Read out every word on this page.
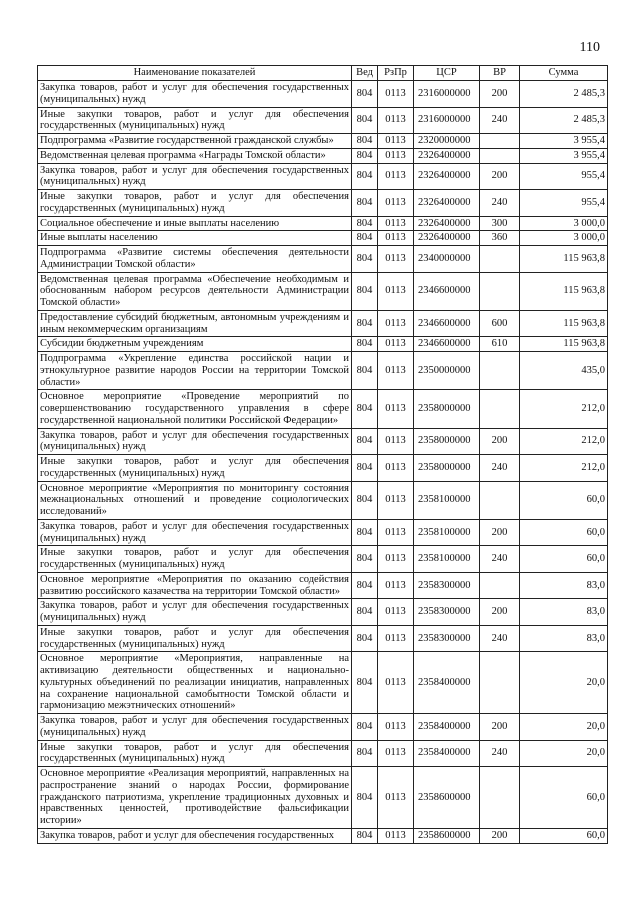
110
Наименование показателей	Вед	РзПр	ЦСР	ВР	Сумма
Закупка товаров, работ и услуг для обеспечения государственных (муниципальных) нужд	804	0113	2316000000	200	2 485,3
Иные закупки товаров, работ и услуг для обеспечения государственных (муниципальных) нужд	804	0113	2316000000	240	2 485,3
Подпрограмма «Развитие государственной гражданской службы»	804	0113	2320000000		3 955,4
Ведомственная целевая программа «Награды Томской области»	804	0113	2326400000		3 955,4
Закупка товаров, работ и услуг для обеспечения государственных (муниципальных) нужд	804	0113	2326400000	200	955,4
Иные закупки товаров, работ и услуг для обеспечения государственных (муниципальных) нужд	804	0113	2326400000	240	955,4
Социальное обеспечение и иные выплаты населению	804	0113	2326400000	300	3 000,0
Иные выплаты населению	804	0113	2326400000	360	3 000,0
Подпрограмма «Развитие системы обеспечения деятельности Администрации Томской области»	804	0113	2340000000		115 963,8
Ведомственная целевая программа «Обеспечение необходимым и обоснованным набором ресурсов деятельности Администрации Томской области»	804	0113	2346600000		115 963,8
Предоставление субсидий бюджетным, автономным учреждениям и иным некоммерческим организациям	804	0113	2346600000	600	115 963,8
Субсидии бюджетным учреждениям	804	0113	2346600000	610	115 963,8
Подпрограмма «Укрепление единства российской нации и этнокультурное развитие народов России на территории Томской области»	804	0113	2350000000		435,0
Основное мероприятие «Проведение мероприятий по совершенствованию государственного управления в сфере государственной национальной политики Российской Федерации»	804	0113	2358000000		212,0
Закупка товаров, работ и услуг для обеспечения государственных (муниципальных) нужд	804	0113	2358000000	200	212,0
Иные закупки товаров, работ и услуг для обеспечения государственных (муниципальных) нужд	804	0113	2358000000	240	212,0
Основное мероприятие «Мероприятия по мониторингу состояния межнациональных отношений и проведение социологических исследований»	804	0113	2358100000		60,0
Закупка товаров, работ и услуг для обеспечения государственных (муниципальных) нужд	804	0113	2358100000	200	60,0
Иные закупки товаров, работ и услуг для обеспечения государственных (муниципальных) нужд	804	0113	2358100000	240	60,0
Основное мероприятие «Мероприятия по оказанию содействия развитию российского казачества на территории Томской области»	804	0113	2358300000		83,0
Закупка товаров, работ и услуг для обеспечения государственных (муниципальных) нужд	804	0113	2358300000	200	83,0
Иные закупки товаров, работ и услуг для обеспечения государственных (муниципальных) нужд	804	0113	2358300000	240	83,0
Основное мероприятие «Мероприятия, направленные на активизацию деятельности общественных и национально-культурных объединений по реализации инициатив, направленных на сохранение национальной самобытности Томской области и гармонизацию межэтнических отношений»	804	0113	2358400000		20,0
Закупка товаров, работ и услуг для обеспечения государственных (муниципальных) нужд	804	0113	2358400000	200	20,0
Иные закупки товаров, работ и услуг для обеспечения государственных (муниципальных) нужд	804	0113	2358400000	240	20,0
Основное мероприятие «Реализация мероприятий, направленных на распространение знаний о народах России, формирование гражданского патриотизма, укрепление традиционных духовных и нравственных ценностей, противодействие фальсификации истории»	804	0113	2358600000		60,0
Закупка товаров, работ и услуг для обеспечения государственных	804	0113	2358600000	200	60,0
